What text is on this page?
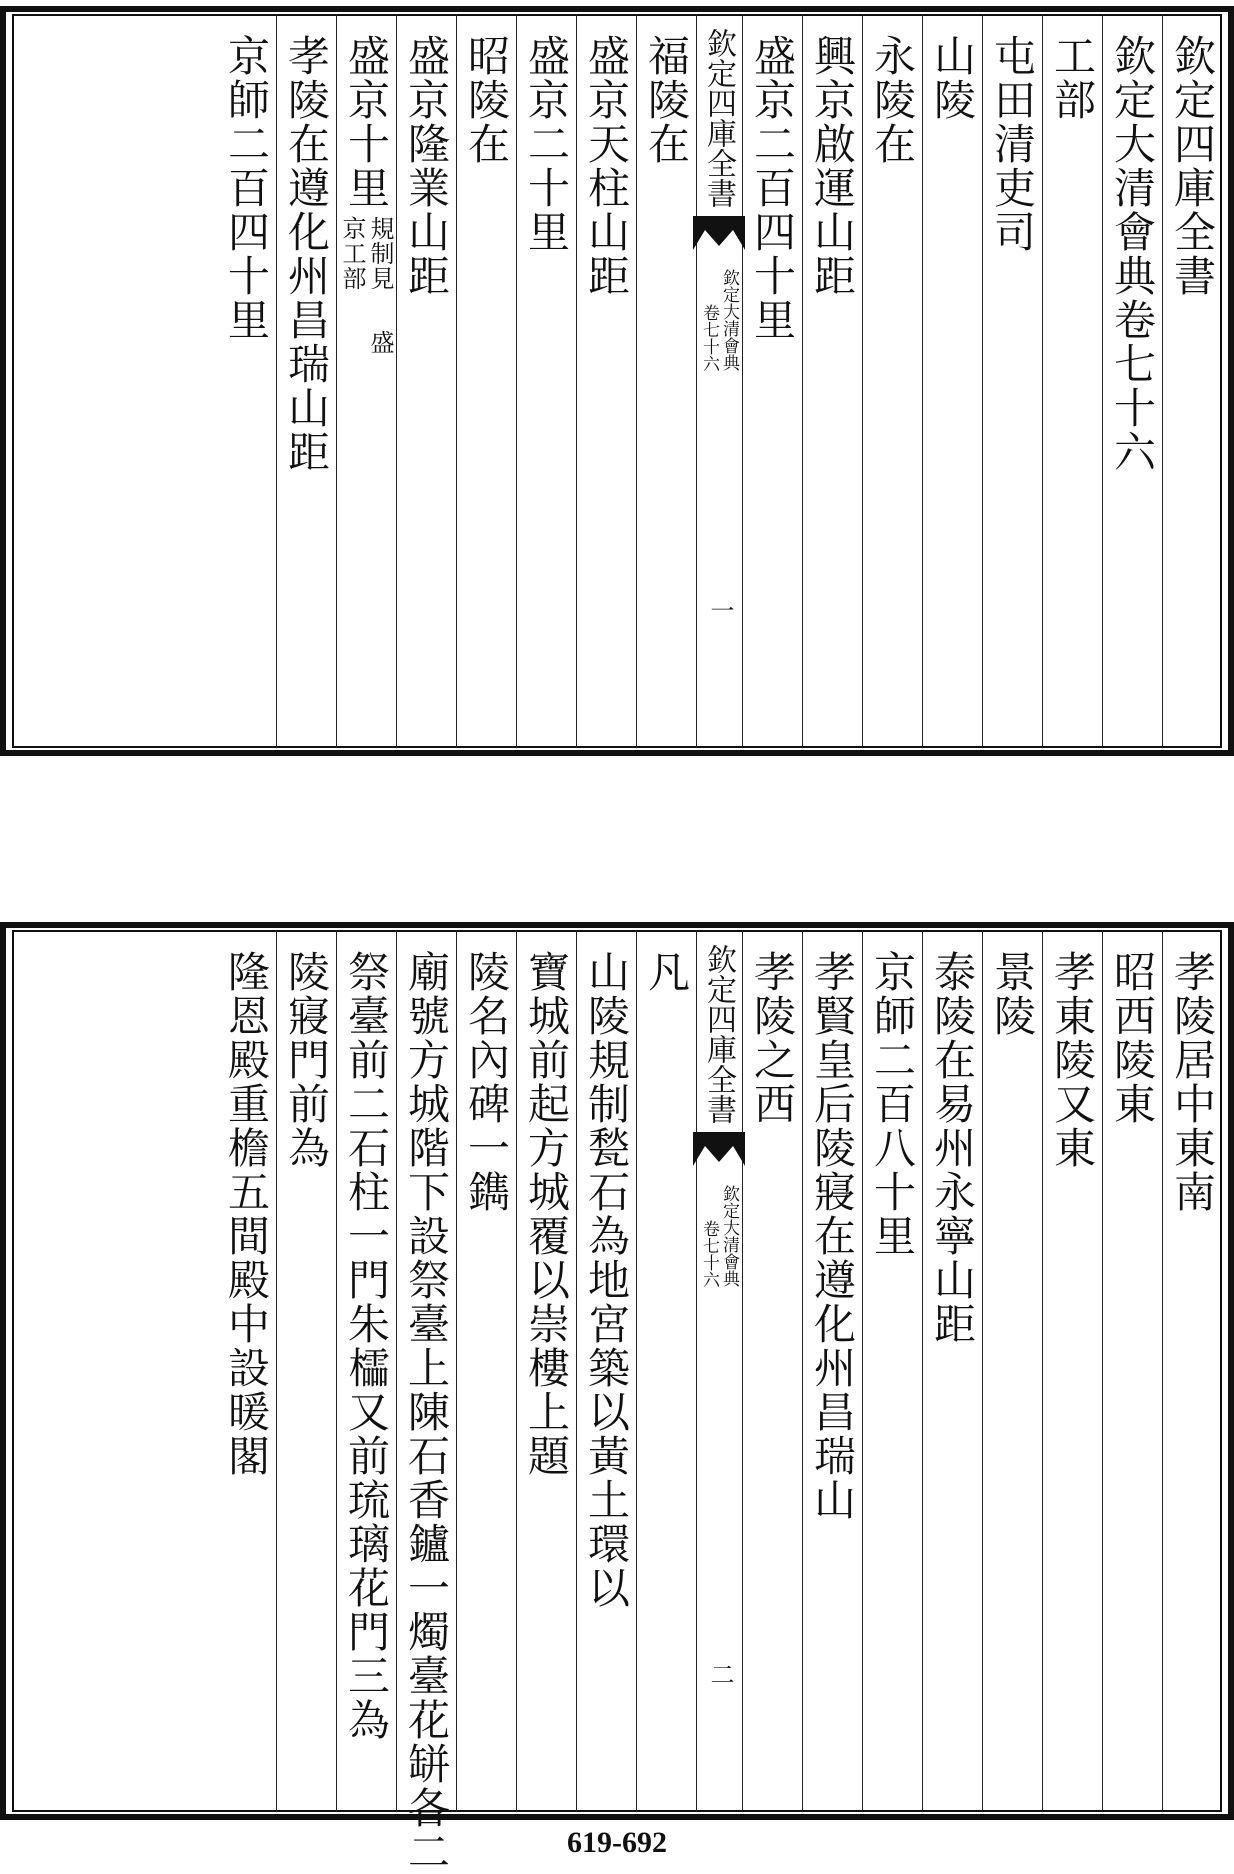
欽定四庫全書
欽定大清會典卷七十六
工部
屯田清吏司
山陵
永陵在
興京啟運山距
盛京二百四十里
福陵在
盛京天柱山距
盛京二十里
昭陵在
盛京隆業山距
盛京十里
規制見
京工部
盛
孝陵在遵化州昌瑞山距
京師二百四十里	欽定四庫全書
欽定大清會典
卷七十六
一
孝陵居中東南
昭西陵東
孝東陵又東
景陵
泰陵在易州永寧山距
京師二百八十里
孝賢皇后陵寢在遵化州昌瑞山
孝陵之西
凡
山陵規制甃石為地宮築以黃土環以
寶城前起方城覆以崇樓上題
陵名內碑一鐫
廟號方城階下設祭臺上陳石香鑪一燭臺花缾各二
祭臺前二石柱一門朱櫺又前琉璃花門三為
陵寢門前為
隆恩殿重檐五間殿中設暖閣	欽定四庫全書
欽定大清會典
卷七十六
二
619-692
